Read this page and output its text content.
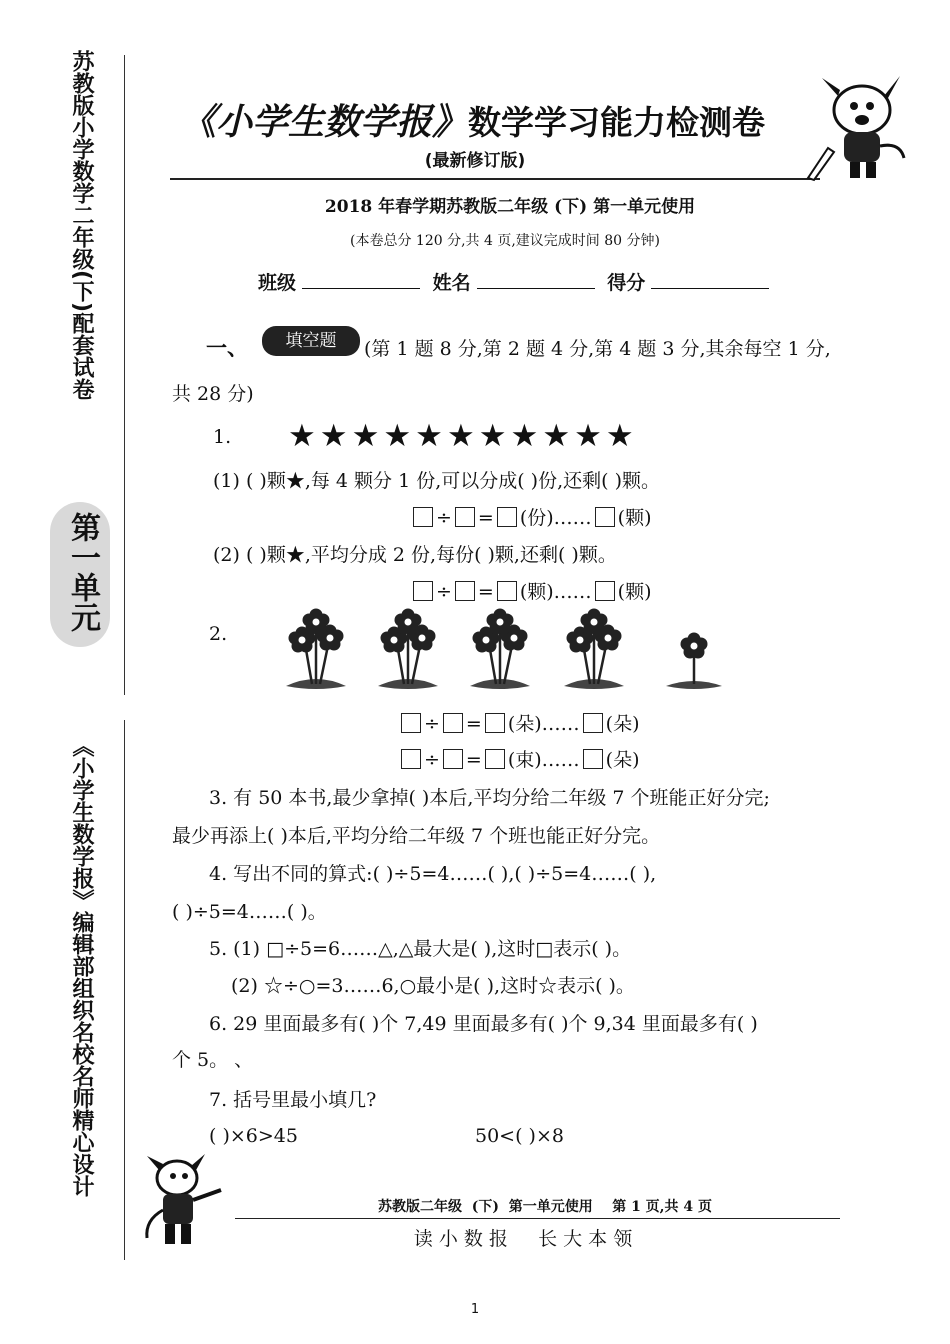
苏教版小学数学二年级(下)配套试卷
第一单元
《小学生数学报》编辑部组织名校名师精心设计
《小学生数学报》数学学习能力检测卷
(最新修订版)
2018 年春学期苏教版二年级 (下) 第一单元使用
(本卷总分 120 分,共 4 页,建议完成时间 80 分钟)
班级	姓名	得分
一、	填空题	(第 1 题 8 分,第 2 题 4 分,第 4 题 3 分,其余每空 1 分,
共 28 分)
1. ★★★★★★★★★★★
(1) ( )颗★,每 4 颗分 1 份,可以分成( )份,还剩( )颗。
÷ = (份)…… (颗)
(2) ( )颗★,平均分成 2 份,每份( )颗,还剩( )颗。
÷ = (颗)…… (颗)
2.
÷ = (朵)…… (朵)
÷ = (束)…… (朵)
3. 有 50 本书,最少拿掉( )本后,平均分给二年级 7 个班能正好分完;
最少再添上( )本后,平均分给二年级 7 个班也能正好分完。
4. 写出不同的算式:( )÷5=4……( ),( )÷5=4……( ),
( )÷5=4……( )。
5. (1) □÷5=6……△,△最大是( ),这时□表示( )。
(2) ☆÷○=3……6,○最小是( ),这时☆表示( )。
6. 29 里面最多有( )个 7,49 里面最多有( )个 9,34 里面最多有( )
个 5。 、
7. 括号里最小填几?
( )×6>45	50<( )×8
苏教版二年级  (下)  第一单元使用    第 1 页,共 4 页
读 小 数 报     长 大 本 领
1
